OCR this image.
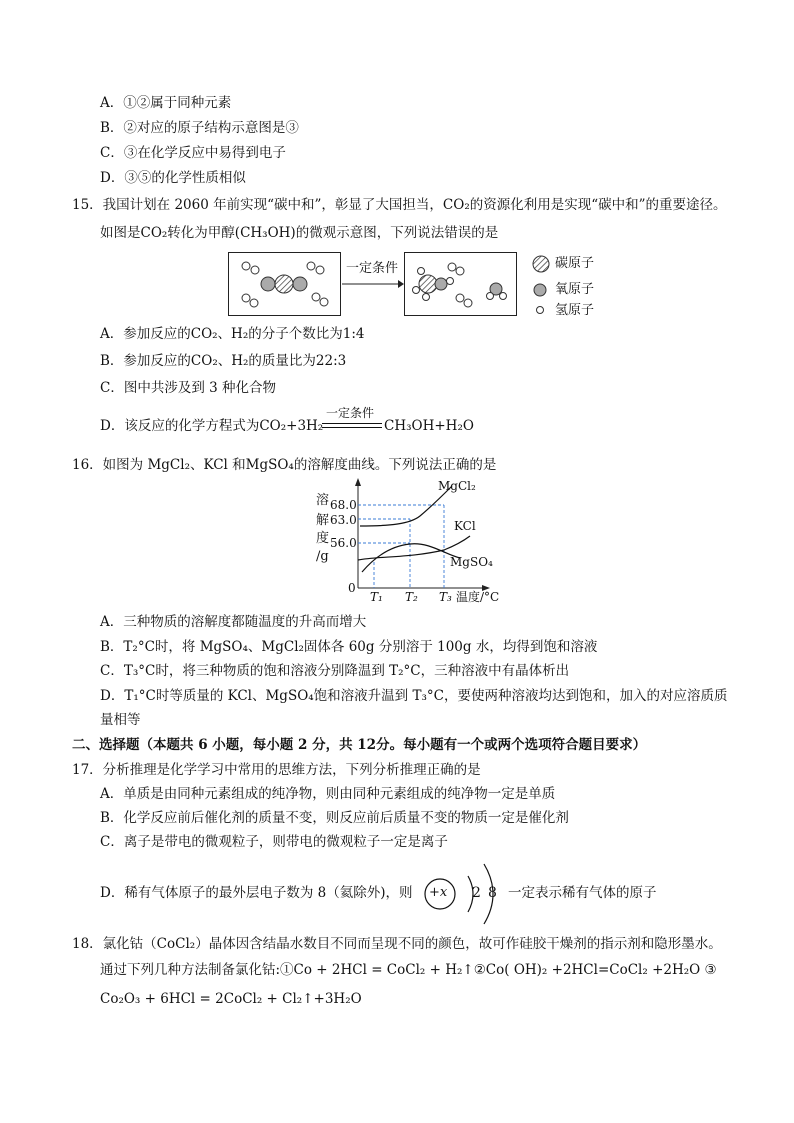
A．①②属于同种元素
B．②对应的原子结构示意图是③
C．③在化学反应中易得到电子
D．③⑤的化学性质相似
15．我国计划在 2060 年前实现“碳中和”，彰显了大国担当，CO₂的资源化利用是实现“碳中和”的重要途径。
如图是CO₂转化为甲醇(CH₃OH)的微观示意图，下列说法错误的是
一定条件	碳原子
氧原子
氢原子
A．参加反应的CO₂、H₂的分子个数比为1:4
B．参加反应的CO₂、H₂的质量比为22:3
C．图中共涉及到 3 种化合物
D．该反应的化学方程式为CO₂+3H₂
一定条件
CH₃OH+H₂O
16．如图为 MgCl₂、KCl 和MgSO₄的溶解度曲线。下列说法正确的是
溶
解
度
/g
68.0
63.0
56.0
0
T₁ T₂ T₃ 温度/°C
MgCl₂
KCl
MgSO₄
A．三种物质的溶解度都随温度的升高而增大
B．T₂°C时，将 MgSO₄、MgCl₂固体各 60g 分别溶于 100g 水，均得到饱和溶液
C．T₃°C时，将三种物质的饱和溶液分别降温到 T₂°C，三种溶液中有晶体析出
D．T₁°C时等质量的 KCl、MgSO₄饱和溶液升温到 T₃°C，要使两种溶液均达到饱和，加入的对应溶质质
量相等
二、选择题（本题共 6 小题，每小题 2 分，共 12分。每小题有一个或两个选项符合题目要求）
17．分析推理是化学学习中常用的思维方法，下列分析推理正确的是
A．单质是由同种元素组成的纯净物，则由同种元素组成的纯净物一定是单质
B．化学反应前后催化剂的质量不变，则反应前后质量不变的物质一定是催化剂
C．离子是带电的微观粒子，则带电的微观粒子一定是离子
D．稀有气体原子的最外层电子数为 8（氦除外)，则 +x 2 8 一定表示稀有气体的原子
18．氯化钴（CoCl₂）晶体因含结晶水数目不同而呈现不同的颜色，故可作硅胶干燥剂的指示剂和隐形墨水。
通过下列几种方法制备氯化钴:①Co + 2HCl = CoCl₂ + H₂↑②Co( OH)₂ +2HCl=CoCl₂ +2H₂O ③
Co₂O₃ + 6HCl = 2CoCl₂ + Cl₂↑+3H₂O
